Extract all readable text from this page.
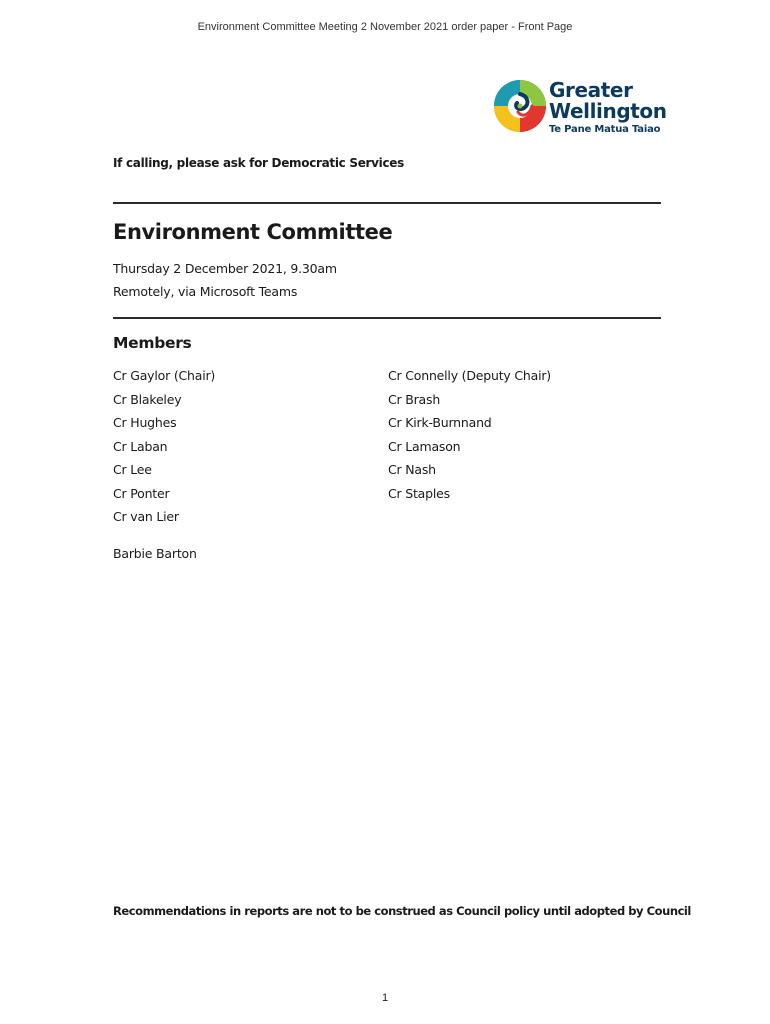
Environment Committee Meeting 2 November 2021 order paper - Front Page
Greater
Wellington
Te Pane Matua Taiao
If calling, please ask for Democratic Services
Environment Committee
Thursday 2 December 2021, 9.30am
Remotely, via Microsoft Teams
Members
Cr Gaylor (Chair)
Cr Blakeley
Cr Hughes
Cr Laban
Cr Lee
Cr Ponter
Cr van Lier
Cr Connelly (Deputy Chair)
Cr Brash
Cr Kirk-Burnnand
Cr Lamason
Cr Nash
Cr Staples
Barbie Barton
Recommendations in reports are not to be construed as Council policy until adopted by Council
1
